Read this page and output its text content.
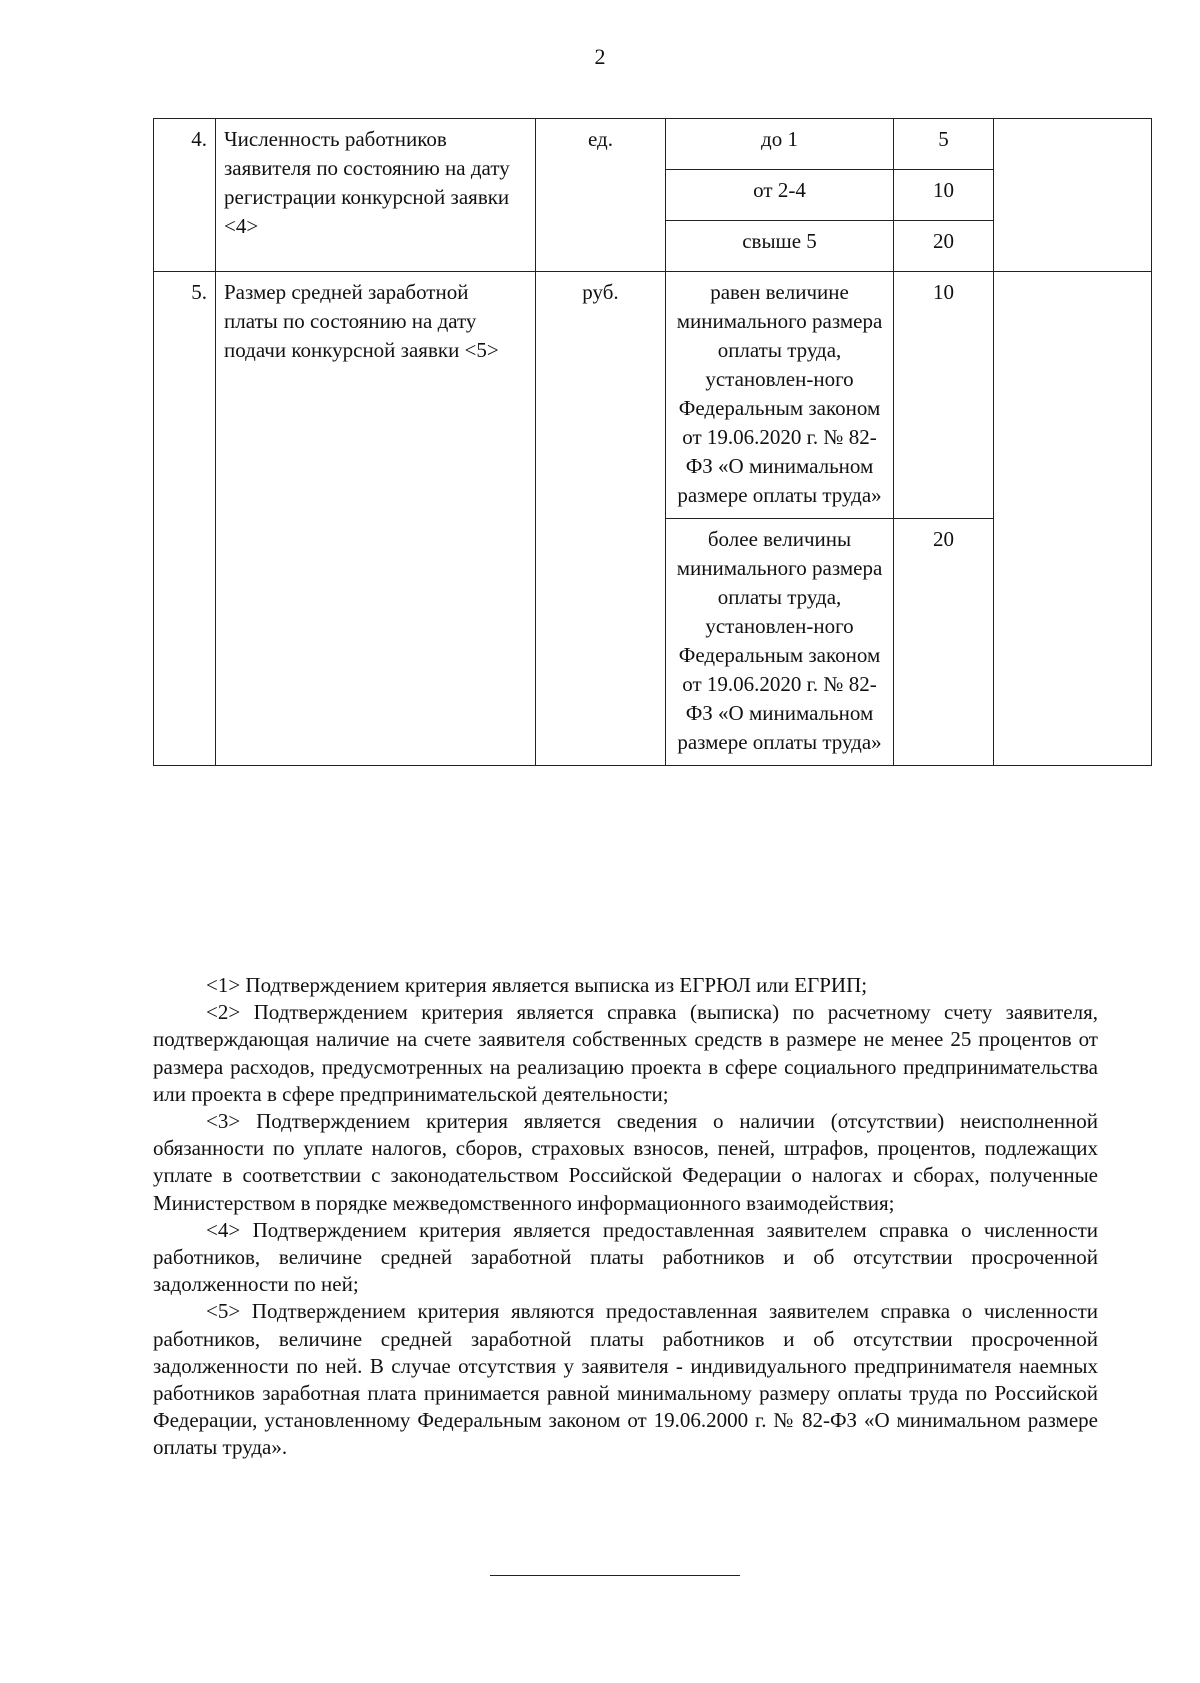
2
4.	Численность работников заявителя по состоянию на дату регистрации конкурсной заявки <4>	ед.	до 1	5	
			от 2-4	10	
			свыше 5	20	
5.	Размер средней заработной платы по состоянию на дату подачи конкурсной заявки <5>	руб.	равен величине минимального размера оплаты труда, установлен-ного Федеральным законом от 19.06.2020 г. № 82-ФЗ «О минимальном размере оплаты труда»	10	
			более величины минимального размера оплаты труда, установлен-ного Федеральным законом от 19.06.2020 г. № 82-ФЗ «О минимальном размере оплаты труда»	20	

<1> Подтверждением критерия является выписка из ЕГРЮЛ или ЕГРИП;

<2> Подтверждением критерия является справка (выписка) по расчетному счету заявителя, подтверждающая наличие на счете заявителя собственных средств в размере не менее 25 процентов от размера расходов, предусмотренных на реализацию проекта в сфере социального предпринимательства или проекта в сфере предпринимательской деятельности;

<3> Подтверждением критерия является сведения о наличии (отсутствии) неисполненной обязанности по уплате налогов, сборов, страховых взносов, пеней, штрафов, процентов, подлежащих уплате в соответствии с законодательством Российской Федерации о налогах и сборах, полученные Министерством в порядке межведомственного информационного взаимодействия;

<4> Подтверждением критерия является предоставленная заявителем справка о численности работников, величине средней заработной платы работников и об отсутствии просроченной задолженности по ней;

<5> Подтверждением критерия являются предоставленная заявителем справка о численности работников, величине средней заработной платы работников и об отсутствии просроченной задолженности по ней. В случае отсутствия у заявителя - индивидуального предпринимателя наемных работников заработная плата принимается равной минимальному размеру оплаты труда по Российской Федерации, установленному Федеральным законом от 19.06.2000 г. № 82-ФЗ «О минимальном размере оплаты труда».
